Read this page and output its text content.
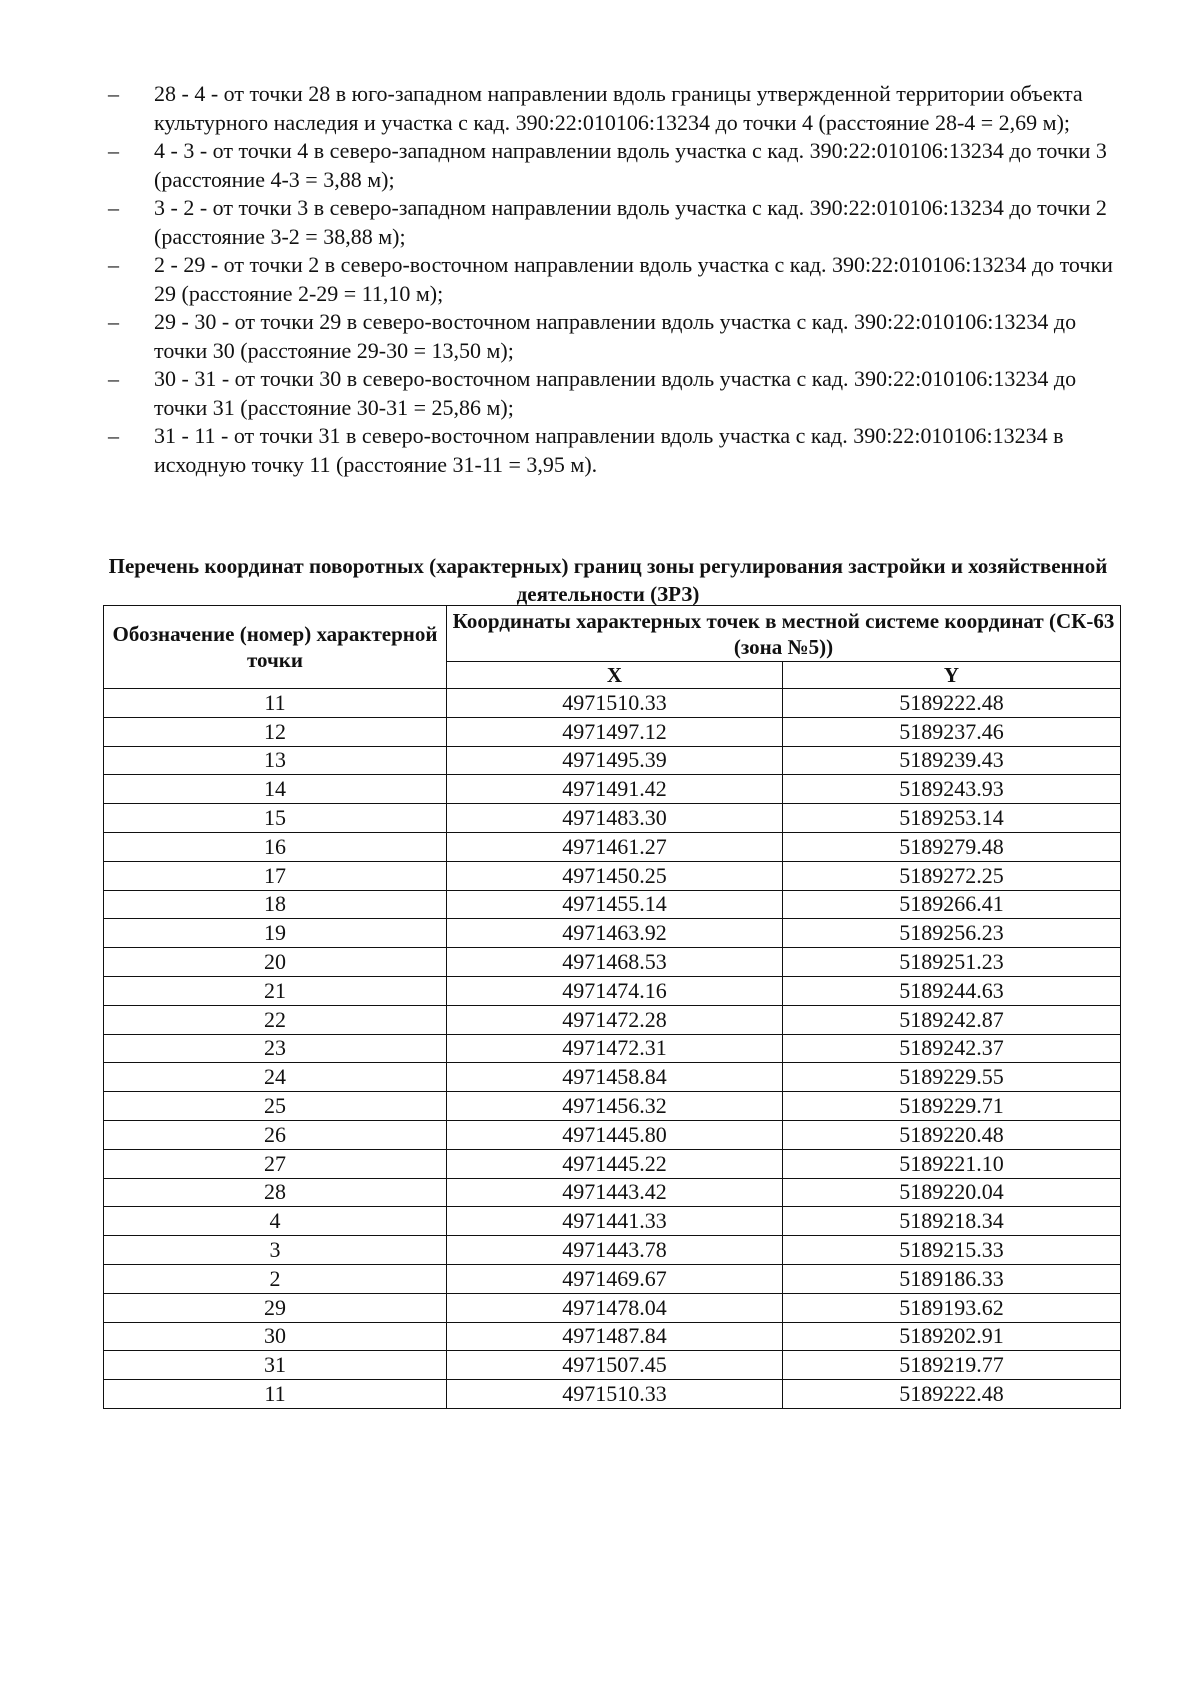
–	28 - 4 - от точки 28 в юго-западном направлении вдоль границы утвержденной территории объекта культурного наследия и участка с кад. 390:22:010106:13234 до точки 4 (расстояние 28-4 = 2,69 м);
–	4 - 3 - от точки 4 в северо-западном направлении вдоль участка с кад. 390:22:010106:13234 до точки 3 (расстояние 4-3 = 3,88 м);
–	3 - 2 - от точки 3 в северо-западном направлении вдоль участка с кад. 390:22:010106:13234 до точки 2 (расстояние 3-2 = 38,88 м);
–	2 - 29 - от точки 2 в северо-восточном направлении вдоль участка с кад. 390:22:010106:13234 до точки 29 (расстояние 2-29 = 11,10 м);
–	29 - 30 - от точки 29 в северо-восточном направлении вдоль участка с кад. 390:22:010106:13234 до точки 30 (расстояние 29-30 = 13,50 м);
–	30 - 31 - от точки 30 в северо-восточном направлении вдоль участка с кад. 390:22:010106:13234 до точки 31 (расстояние 30-31 = 25,86 м);
–	31 - 11 - от точки 31 в северо-восточном направлении вдоль участка с кад. 390:22:010106:13234 в исходную точку 11 (расстояние 31-11 = 3,95 м).
Перечень координат поворотных (характерных) границ зоны регулирования застройки и хозяйственной деятельности (ЗРЗ)
Обозначение (номер) характерной точки	Координаты характерных точек в местной системе координат (СК-63 (зона №5))	
	X	Y
11	4971510.33	5189222.48
12	4971497.12	5189237.46
13	4971495.39	5189239.43
14	4971491.42	5189243.93
15	4971483.30	5189253.14
16	4971461.27	5189279.48
17	4971450.25	5189272.25
18	4971455.14	5189266.41
19	4971463.92	5189256.23
20	4971468.53	5189251.23
21	4971474.16	5189244.63
22	4971472.28	5189242.87
23	4971472.31	5189242.37
24	4971458.84	5189229.55
25	4971456.32	5189229.71
26	4971445.80	5189220.48
27	4971445.22	5189221.10
28	4971443.42	5189220.04
4	4971441.33	5189218.34
3	4971443.78	5189215.33
2	4971469.67	5189186.33
29	4971478.04	5189193.62
30	4971487.84	5189202.91
31	4971507.45	5189219.77
11	4971510.33	5189222.48
